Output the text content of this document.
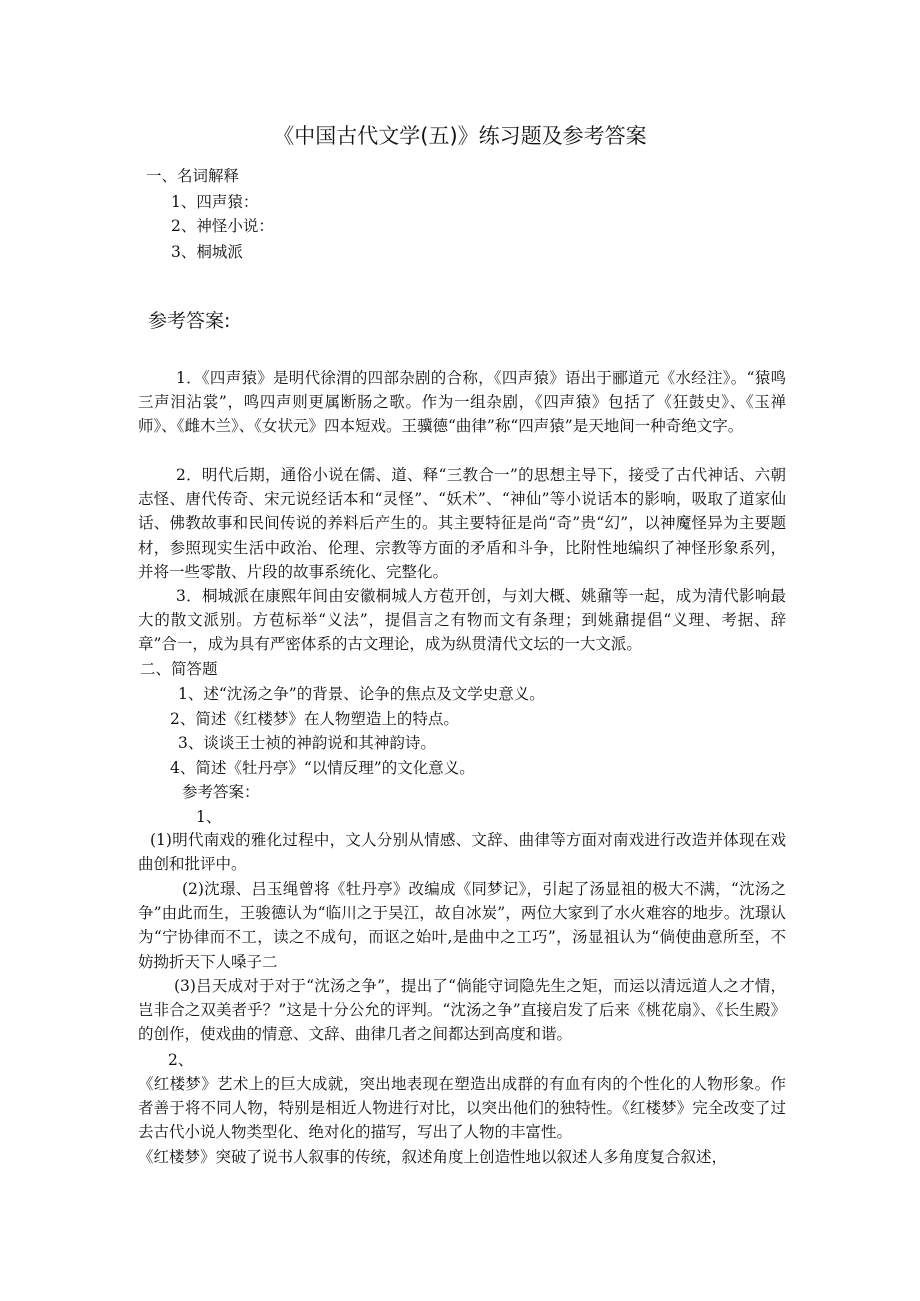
《中国古代文学(五)》练习题及参考答案
一、名词解释
1、四声猿：
2、神怪小说：
3、桐城派
参考答案:
1．《四声猿》是明代徐渭的四部杂剧的合称，《四声猿》语出于郦道元《水经注》。“猿鸣三声泪沾裳”，鸣四声则更属断肠之歌。作为一组杂剧，《四声猿》包括了《狂鼓史》、《玉禅师》、《雌木兰》、《女状元》四本短戏。王骥德“曲律”称“四声猿”是天地间一种奇绝文字。
2．明代后期，通俗小说在儒、道、释“三教合一”的思想主导下，接受了古代神话、六朝志怪、唐代传奇、宋元说经话本和“灵怪”、“妖术”、“神仙”等小说话本的影响，吸取了道家仙话、佛教故事和民间传说的养料后产生的。其主要特征是尚“奇”贵“幻”，以神魔怪异为主要题材，参照现实生活中政治、伦理、宗教等方面的矛盾和斗争，比附性地编织了神怪形象系列，并将一些零散、片段的故事系统化、完整化。
3．桐城派在康熙年间由安徽桐城人方苞开创，与刘大概、姚鼐等一起，成为清代影响最大的散文派别。方苞标举“义法”，提倡言之有物而文有条理；到姚鼐提倡“义理、考据、辞章”合一，成为具有严密体系的古文理论，成为纵贯清代文坛的一大文派。
二、简答题
1、述“沈汤之争”的背景、论争的焦点及文学史意义。
2、简述《红楼梦》在人物塑造上的特点。
3、谈谈王士祯的神韵说和其神韵诗。
4、简述《牡丹亭》“以情反理”的文化意义。
参考答案：
1、
(1)明代南戏的雅化过程中，文人分别从情感、文辞、曲律等方面对南戏进行改造并体现在戏曲创和批评中。
(2)沈璟、吕玉绳曾将《牡丹亭》改编成《同梦记》，引起了汤显祖的极大不满，“沈汤之争”由此而生，王骏德认为“临川之于吴江，故自冰炭”，两位大家到了水火难容的地步。沈璟认为“宁协律而不工，读之不成句，而讴之始叶,是曲中之工巧”，汤显祖认为“倘使曲意所至，不妨拗折天下人嗓子二
(3)吕天成对于对于“沈汤之争”，提出了“倘能守词隐先生之矩，而运以清远道人之才情，岂非合之双美者乎？”这是十分公允的评判。“沈汤之争”直接启发了后来《桃花扇》、《长生殿》的创作，使戏曲的情意、文辞、曲律几者之间都达到高度和谐。
2、
《红楼梦》艺术上的巨大成就，突出地表现在塑造出成群的有血有肉的个性化的人物形象。作者善于将不同人物，特别是相近人物进行对比，以突出他们的独特性。《红楼梦》完全改变了过去古代小说人物类型化、绝对化的描写，写出了人物的丰富性。
《红楼梦》突破了说书人叙事的传统，叙述角度上创造性地以叙述人多角度复合叙述，
